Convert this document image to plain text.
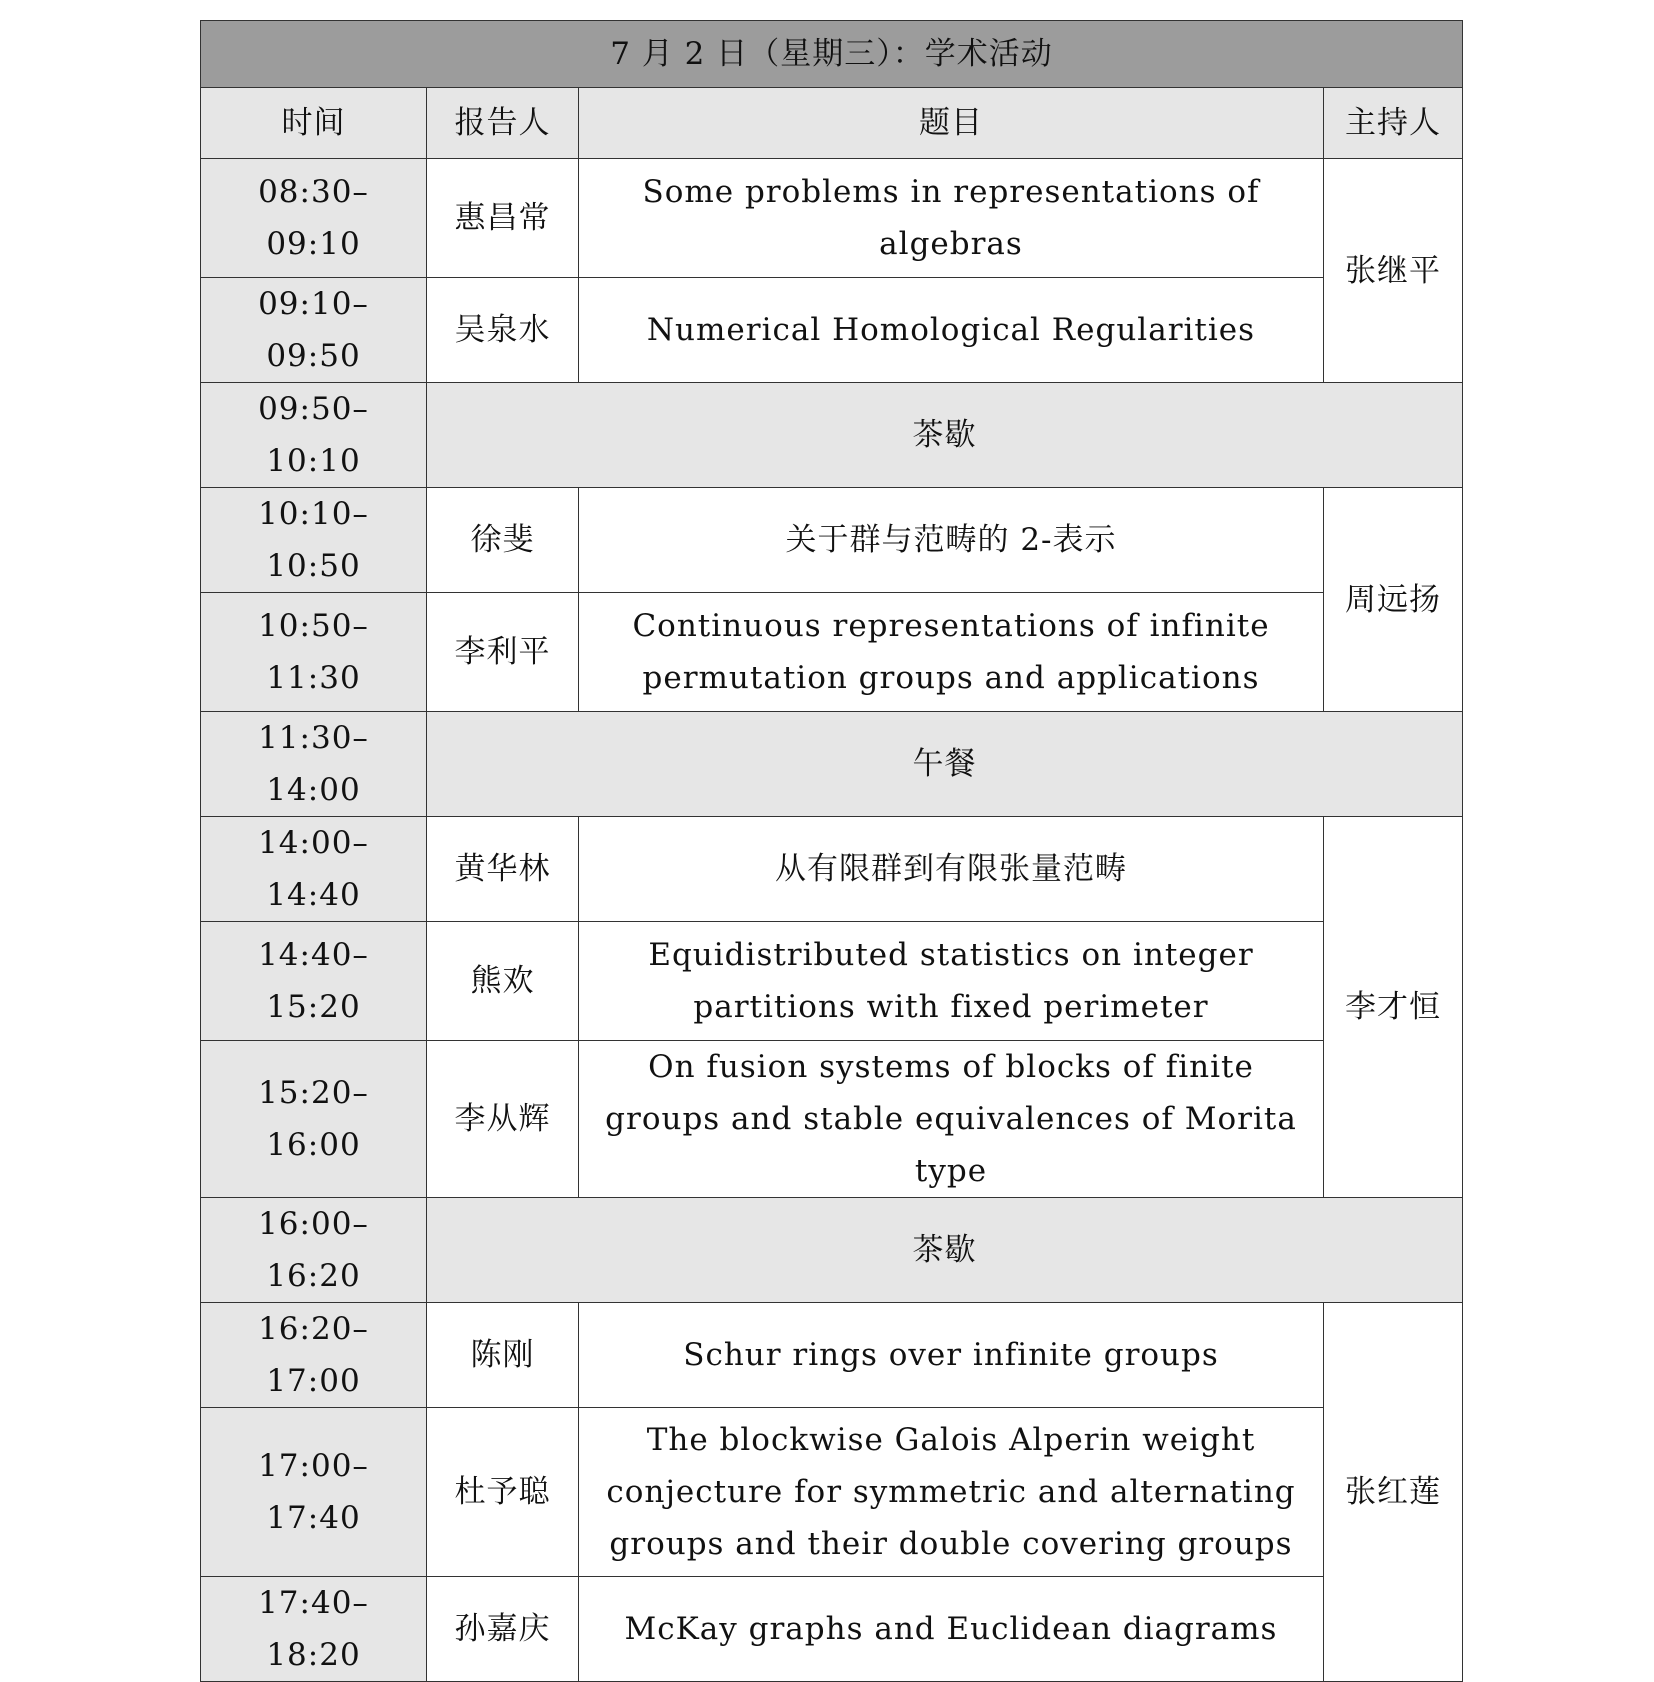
7 月 2 日（星期三）：学术活动			
时间	报告人	题目	主持人
08:30–09:10	惠昌常	Some problems in representations of algebras	张继平
09:10–09:50	吴泉水	Numerical Homological Regularities	
09:50–10:10	茶歇		
10:10–10:50	徐斐	关于群与范畴的 2-表示	周远扬
10:50–11:30	李利平	Continuous representations of infinite permutation groups and applications	
11:30–14:00	午餐		
14:00–14:40	黄华林	从有限群到有限张量范畴	李才恒
14:40–15:20	熊欢	Equidistributed statistics on integer partitions with fixed perimeter	
15:20–16:00	李从辉	On fusion systems of blocks of finite groups and stable equivalences of Morita type	
16:00–16:20	茶歇		
16:20–17:00	陈刚	Schur rings over infinite groups	张红莲
17:00–17:40	杜予聪	The blockwise Galois Alperin weight conjecture for symmetric and alternating groups and their double covering groups	
17:40–18:20	孙嘉庆	McKay graphs and Euclidean diagrams	
